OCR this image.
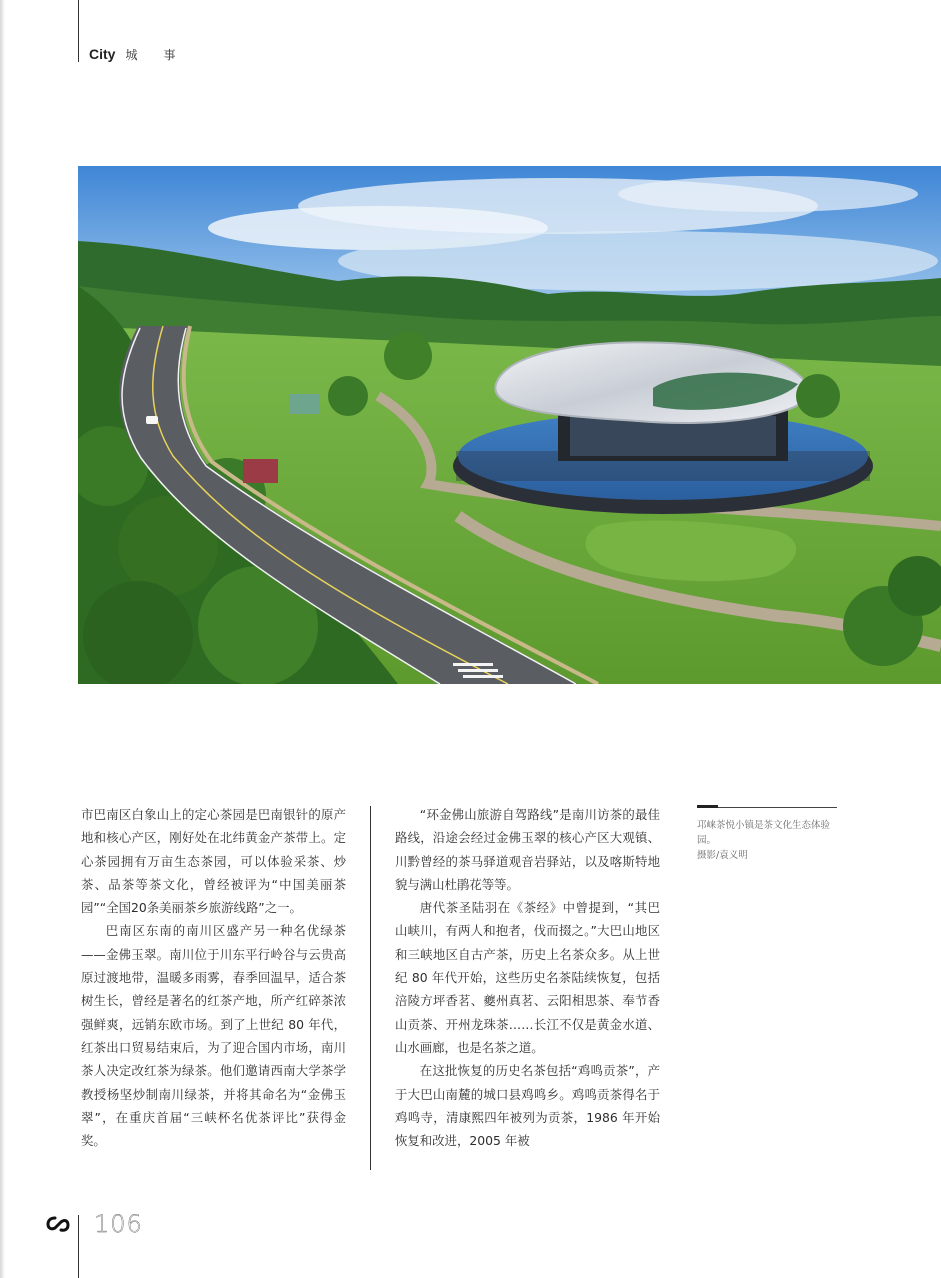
City 城事

市巴南区白象山上的定心茶园是巴南银针的原产地和核心产区，刚好处在北纬黄金产茶带上。定心茶园拥有万亩生态茶园，可以体验采茶、炒茶、品茶等茶文化，曾经被评为“中国美丽茶园”“全国20条美丽茶乡旅游线路”之一。

巴南区东南的南川区盛产另一种名优绿茶——金佛玉翠。南川位于川东平行岭谷与云贵高原过渡地带，温暖多雨雾，春季回温早，适合茶树生长，曾经是著名的红茶产地，所产红碎茶浓强鲜爽，远销东欧市场。到了上世纪 80 年代，红茶出口贸易结束后，为了迎合国内市场，南川茶人决定改红茶为绿茶。他们邀请西南大学茶学教授杨坚炒制南川绿茶，并将其命名为“金佛玉翠”，在重庆首届“三峡杯名优茶评比”获得金奖。

“环金佛山旅游自驾路线”是南川访茶的最佳路线，沿途会经过金佛玉翠的核心产区大观镇、川黔曾经的茶马驿道观音岩驿站，以及喀斯特地貌与满山杜鹃花等等。

唐代茶圣陆羽在《茶经》中曾提到，“其巴山峡川，有两人和抱者，伐而掇之。”大巴山地区和三峡地区自古产茶，历史上名茶众多。从上世纪 80 年代开始，这些历史名茶陆续恢复，包括涪陵方坪香茗、夔州真茗、云阳相思茶、奉节香山贡茶、开州龙珠茶……长江不仅是黄金水道、山水画廊，也是名茶之道。

在这批恢复的历史名茶包括“鸡鸣贡茶”，产于大巴山南麓的城口县鸡鸣乡。鸡鸣贡茶得名于鸡鸣寺，清康熙四年被列为贡茶，1986 年开始恢复和改进，2005 年被

邛崃茶悦小镇是茶文化生态体验园。
摄影/袁义明
106
